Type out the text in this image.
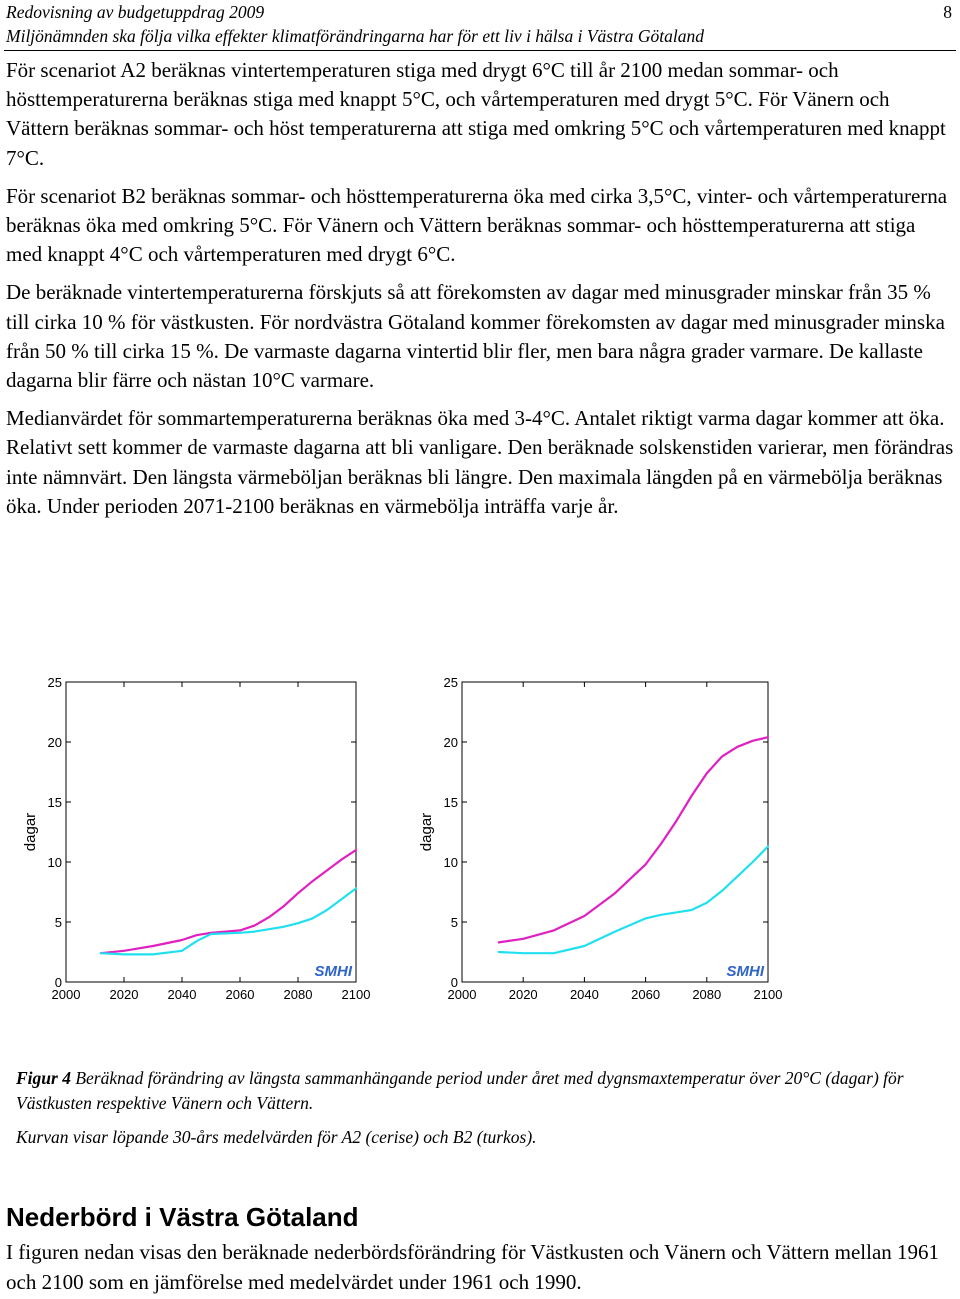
Redovisning av budgetuppdrag 2009
Miljönämnden ska följa vilka effekter klimatförändringarna har för ett liv i hälsa i Västra Götaland
8

För scenariot A2 beräknas vintertemperaturen stiga med drygt 6°C till år 2100 medan sommar- och hösttemperaturerna beräknas stiga med knappt 5°C, och vårtemperaturen med drygt 5°C. För Vänern och Vättern beräknas sommar- och höst temperaturerna att stiga med omkring 5°C och vårtemperaturen med knappt 7°C.

För scenariot B2 beräknas sommar- och hösttemperaturerna öka med cirka 3,5°C, vinter- och vårtemperaturerna beräknas öka med omkring 5°C. För Vänern och Vättern beräknas sommar- och hösttemperaturerna att stiga med knappt 4°C och vårtemperaturen med drygt 6°C.

De beräknade vintertemperaturerna förskjuts så att förekomsten av dagar med minusgrader minskar från 35 % till cirka 10 % för västkusten. För nordvästra Götaland kommer förekomsten av dagar med minusgrader minska från 50 % till cirka 15 %. De varmaste dagarna vintertid blir fler, men bara några grader varmare. De kallaste dagarna blir färre och nästan 10°C varmare.

Medianvärdet för sommartemperaturerna beräknas öka med 3-4°C. Antalet riktigt varma dagar kommer att öka. Relativt sett kommer de varmaste dagarna att bli vanligare. Den beräknade solskenstiden varierar, men förändras inte nämnvärt. Den längsta värmeböljan beräknas bli längre. Den maximala längden på en värmebölja beräknas öka. Under perioden 2071-2100 beräknas en värmebölja inträffa varje år.

0
5
10
15
20
25
2000 2020 2040 2060 2080 2100
dagar
SMHI
0
5
10
15
20
25
2000 2020 2040 2060 2080 2100
dagar
SMHI

Figur 4 Beräknad förändring av längsta sammanhängande period under året med dygnsmaxtemperatur över 20°C (dagar) för Västkusten respektive Vänern och Vättern.

Kurvan visar löpande 30-års medelvärden för A2 (cerise) och B2 (turkos).

Nederbörd i Västra Götaland

I figuren nedan visas den beräknade nederbördsförändring för Västkusten och Vänern och Vättern mellan 1961 och 2100 som en jämförelse med medelvärdet under 1961 och 1990.
